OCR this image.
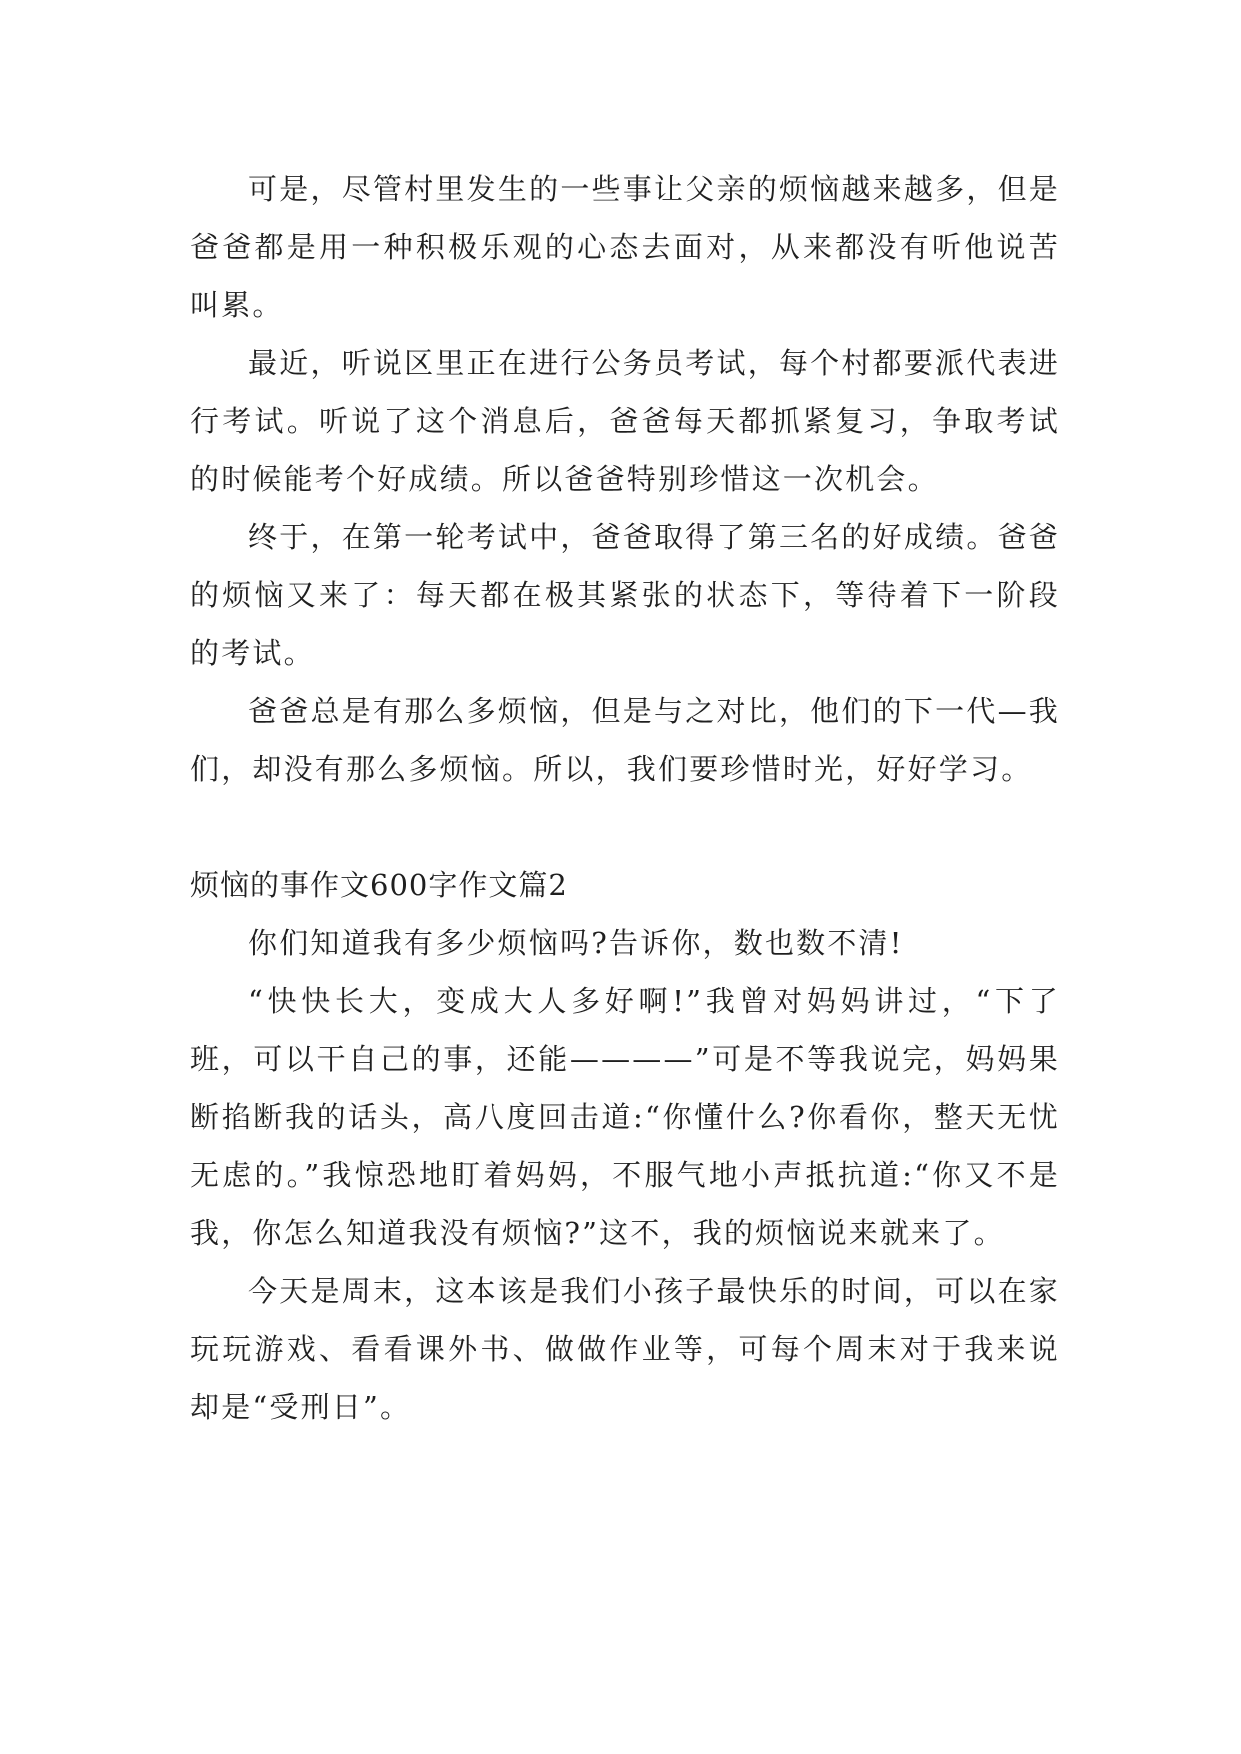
可是，尽管村里发生的一些事让父亲的烦恼越来越多，但是爸爸都是用一种积极乐观的心态去面对，从来都没有听他说苦叫累。

最近，听说区里正在进行公务员考试，每个村都要派代表进行考试。听说了这个消息后，爸爸每天都抓紧复习，争取考试的时候能考个好成绩。所以爸爸特别珍惜这一次机会。

终于，在第一轮考试中，爸爸取得了第三名的好成绩。爸爸的烦恼又来了：每天都在极其紧张的状态下，等待着下一阶段的考试。

爸爸总是有那么多烦恼，但是与之对比，他们的下一代—我们，却没有那么多烦恼。所以，我们要珍惜时光，好好学习。

烦恼的事作文600字作文篇2

你们知道我有多少烦恼吗?告诉你，数也数不清!

“快快长大，变成大人多好啊!”我曾对妈妈讲过，“下了班，可以干自己的事，还能————”可是不等我说完，妈妈果断掐断我的话头，高八度回击道:“你懂什么?你看你，整天无忧无虑的。”我惊恐地盯着妈妈，不服气地小声抵抗道:“你又不是我，你怎么知道我没有烦恼?”这不，我的烦恼说来就来了。

今天是周末，这本该是我们小孩子最快乐的时间，可以在家玩玩游戏、看看课外书、做做作业等，可每个周末对于我来说却是“受刑日”。
